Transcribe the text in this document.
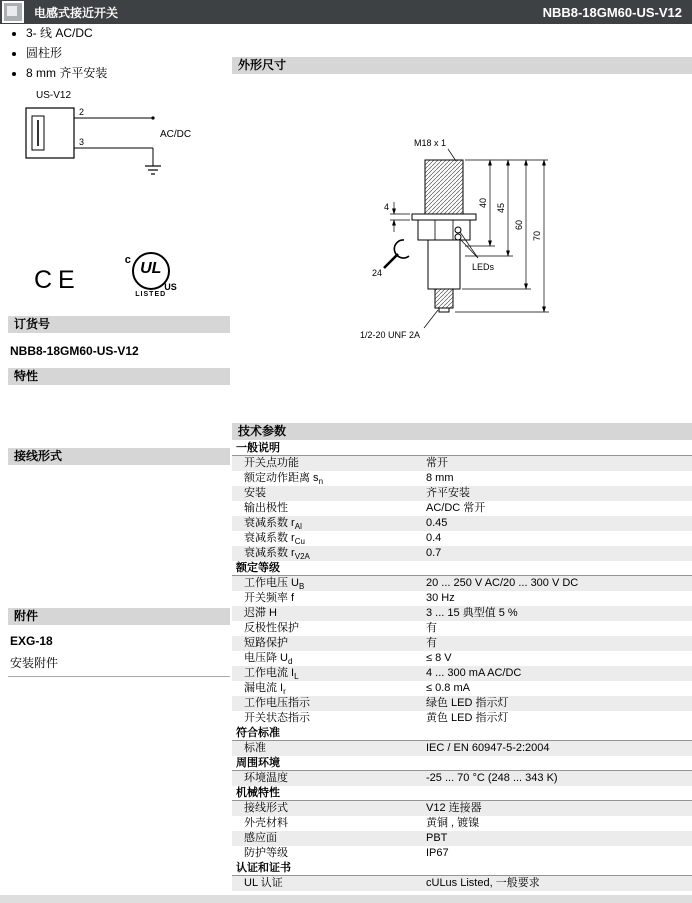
电感式接近开关	NBB8-18GM60-US-V12
CE
c UL
US
LISTED
订货号
NBB8-18GM60-US-V12
特性
• 3- 线 AC/DC
• 圆柱形
• 8 mm 齐平安装
接线形式
US-V12
2
3
AC/DC
附件
EXG-18
安装附件
外形尺寸
LEDs
M18 x 1
24
4	40 45
60
70
1/2-20 UNF 2A
技术参数
一般说明
开关点功能	常开
额定动作距离 $s_n$	8 mm
安装	齐平安装
输出极性	AC/DC 常开
衰减系数 $r_{Al}$	0.45
衰减系数 $r_{Cu}$	0.4
衰减系数 $r_{V2A}$	0.7
额定等级
工作电压 $U_B$	20 ... 250 V AC/20 ... 300 V DC
开关频率 f	30 Hz
迟滞 H	3 ... 15 典型值 5 %
反极性保护	有
短路保护	有
电压降 $U_d$	≤ 8 V
工作电流 $I_L$	4 ... 300 mA AC/DC
漏电流 $I_r$	≤ 0.8 mA
工作电压指示	绿色 LED 指示灯
开关状态指示	黄色 LED 指示灯
符合标准
标准	IEC / EN 60947-5-2:2004
周围环境
环境温度	-25 ... 70 °C (248 ... 343 K)
机械特性
接线形式	V12 连接器
外壳材料	黄铜 , 镀镍
感应面	PBT
防护等级	IP67
认证和证书
UL 认证	cULus Listed, 一般要求
